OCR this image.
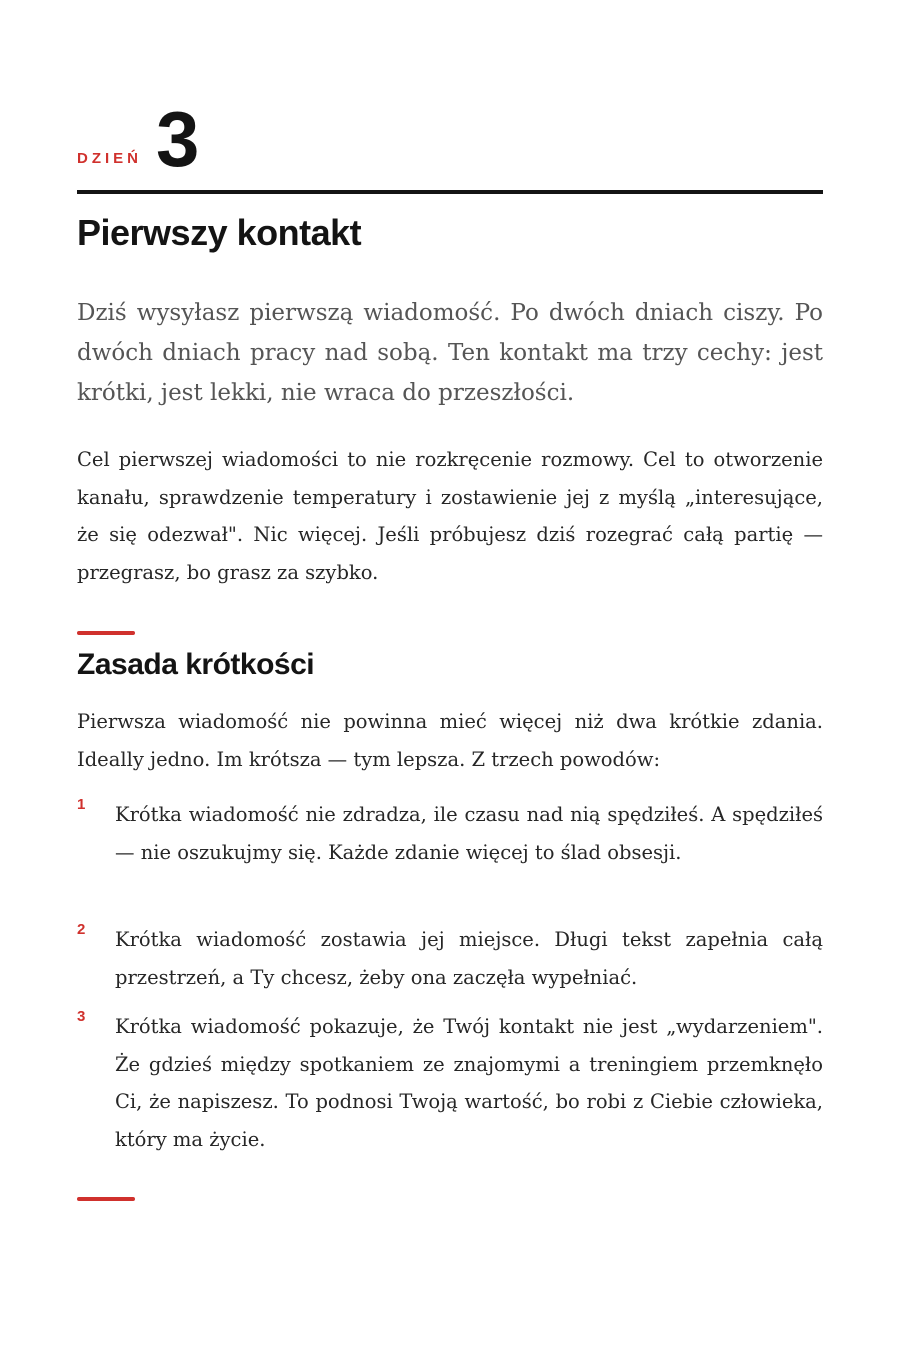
DZIEŃ 3
Pierwszy kontakt

Dziś wysyłasz pierwszą wiadomość. Po dwóch dniach ciszy. Po dwóch dniach pracy nad sobą. Ten kontakt ma trzy cechy: jest krótki, jest lekki, nie wraca do przeszłości.

Cel pierwszej wiadomości to nie rozkręcenie rozmowy. Cel to otworzenie kanału, sprawdzenie temperatury i zostawienie jej z myślą „interesujące, że się odezwał". Nic więcej. Jeśli próbujesz dziś rozegrać całą partię — przegrasz, bo grasz za szybko.

Zasada krótkości

Pierwsza wiadomość nie powinna mieć więcej niż dwa krótkie zdania. Ideally jedno. Im krótsza — tym lepsza. Z trzech powodów:

1 Krótka wiadomość nie zdradza, ile czasu nad nią spędziłeś. A spędziłeś — nie oszukujmy się. Każde zdanie więcej to ślad obsesji.
2 Krótka wiadomość zostawia jej miejsce. Długi tekst zapełnia całą przestrzeń, a Ty chcesz, żeby ona zaczęła wypełniać.
3 Krótka wiadomość pokazuje, że Twój kontakt nie jest „wydarzeniem". Że gdzieś między spotkaniem ze znajomymi a treningiem przemknęło Ci, że napiszesz. To podnosi Twoją wartość, bo robi z Ciebie człowieka, który ma życie.
